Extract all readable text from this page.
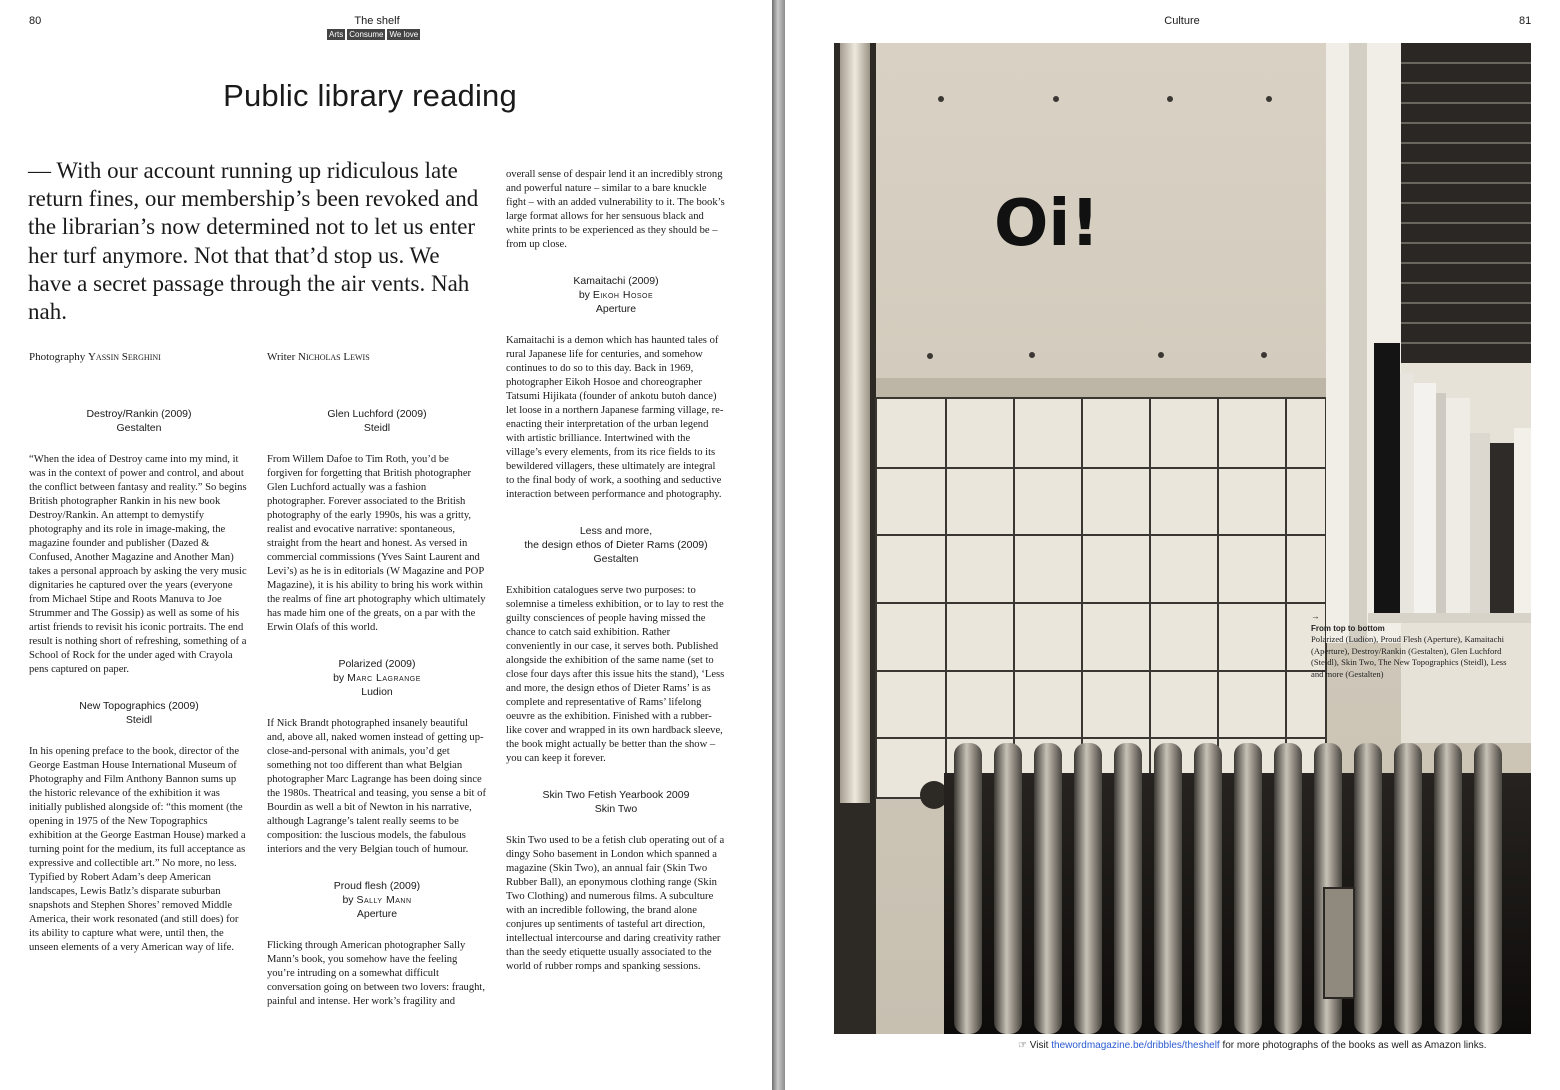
80	The shelf
Arts Consume We love
Public library reading
— With our account running up ridiculous late return fines, our membership’s been revoked and the librarian’s now determined not to let us enter her turf anymore. Not that that’d stop us. We have a secret passage through the air vents. Nah nah.
Photography Yassin Serghini	Writer Nicholas Lewis
Destroy/Rankin (2009)
Gestalten

“When the idea of Destroy came into my mind, it was in the context of power and control, and about the conflict between fantasy and reality.” So begins British photographer Rankin in his new book Destroy/Rankin. An attempt to demystify photography and its role in image-making, the magazine founder and publisher (Dazed & Confused, Another Magazine and Another Man) takes a personal approach by asking the very music dignitaries he captured over the years (everyone from Michael Stipe and Roots Manuva to Joe Strummer and The Gossip) as well as some of his artist friends to revisit his iconic portraits. The end result is nothing short of refreshing, something of a School of Rock for the under aged with Crayola pens captured on paper.

New Topographics (2009)
Steidl

In his opening preface to the book, director of the George Eastman House International Museum of Photography and Film Anthony Bannon sums up the historic relevance of the exhibition it was initially published alongside of: “this moment (the opening in 1975 of the New Topographics exhibition at the George Eastman House) marked a turning point for the medium, its full acceptance as expressive and collectible art.” No more, no less. Typified by Robert Adam’s deep American landscapes, Lewis Batlz’s disparate suburban snapshots and Stephen Shores’ removed Middle America, their work resonated (and still does) for its ability to capture what were, until then, the unseen elements of a very American way of life.

Glen Luchford (2009)
Steidl

From Willem Dafoe to Tim Roth, you’d be forgiven for forgetting that British photographer Glen Luchford actually was a fashion photographer. Forever associated to the British photography of the early 1990s, his was a gritty, realist and evocative narrative: spontaneous, straight from the heart and honest. As versed in commercial commissions (Yves Saint Laurent and Levi’s) as he is in editorials (W Magazine and POP Magazine), it is his ability to bring his work within the realms of fine art photography which ultimately has made him one of the greats, on a par with the Erwin Olafs of this world.

Polarized (2009)
by Marc Lagrange
Ludion

If Nick Brandt photographed insanely beautiful and, above all, naked women instead of getting up-close-and-personal with animals, you’d get something not too different than what Belgian photographer Marc Lagrange has been doing since the 1980s. Theatrical and teasing, you sense a bit of Bourdin as well a bit of Newton in his narrative, although Lagrange’s talent really seems to be composition: the luscious models, the fabulous interiors and the very Belgian touch of humour.

Proud flesh (2009)
by Sally Mann
Aperture

Flicking through American photographer Sally Mann’s book, you somehow have the feeling you’re intruding on a somewhat difficult conversation going on between two lovers: fraught, painful and intense. Her work’s fragility and

overall sense of despair lend it an incredibly strong and powerful nature – similar to a bare knuckle fight – with an added vulnerability to it. The book’s large format allows for her sensuous black and white prints to be experienced as they should be – from up close.

Kamaitachi (2009)
by Eikoh Hosoe
Aperture

Kamaitachi is a demon which has haunted tales of rural Japanese life for centuries, and somehow continues to do so to this day. Back in 1969, photographer Eikoh Hosoe and choreographer Tatsumi Hijikata (founder of ankotu butoh dance) let loose in a northern Japanese farming village, re-enacting their interpretation of the urban legend with artistic brilliance. Intertwined with the village’s every elements, from its rice fields to its bewildered villagers, these ultimately are integral to the final body of work, a soothing and seductive interaction between performance and photography.

Less and more,
the design ethos of Dieter Rams (2009)
Gestalten

Exhibition catalogues serve two purposes: to solemnise a timeless exhibition, or to lay to rest the guilty consciences of people having missed the chance to catch said exhibition. Rather conveniently in our case, it serves both. Published alongside the exhibition of the same name (set to close four days after this issue hits the stand), ‘Less and more, the design ethos of Dieter Rams’ is as complete and representative of Rams’ lifelong oeuvre as the exhibition. Finished with a rubber-like cover and wrapped in its own hardback sleeve, the book might actually be better than the show – you can keep it forever.

Skin Two Fetish Yearbook 2009
Skin Two

Skin Two used to be a fetish club operating out of a dingy Soho basement in London which spanned a magazine (Skin Two), an annual fair (Skin Two Rubber Ball), an eponymous clothing range (Skin Two Clothing) and numerous films. A subculture with an incredible following, the brand alone conjures up sentiments of tasteful art direction, intellectual intercourse and daring creativity rather than the seedy etiquette usually associated to the world of rubber romps and spanking sessions.

Culture	81
Oi!
☞ Visit thewordmagazine.be/dribbles/theshelf for more photographs of the books as well as Amazon links.
→
From top to bottom
Polarized (Ludion), Proud Flesh (Aperture), Kamaitachi (Aperture), Destroy/Rankin (Gestalten), Glen Luchford (Steidl), Skin Two, The New Topographics (Steidl), Less and more (Gestalten)
